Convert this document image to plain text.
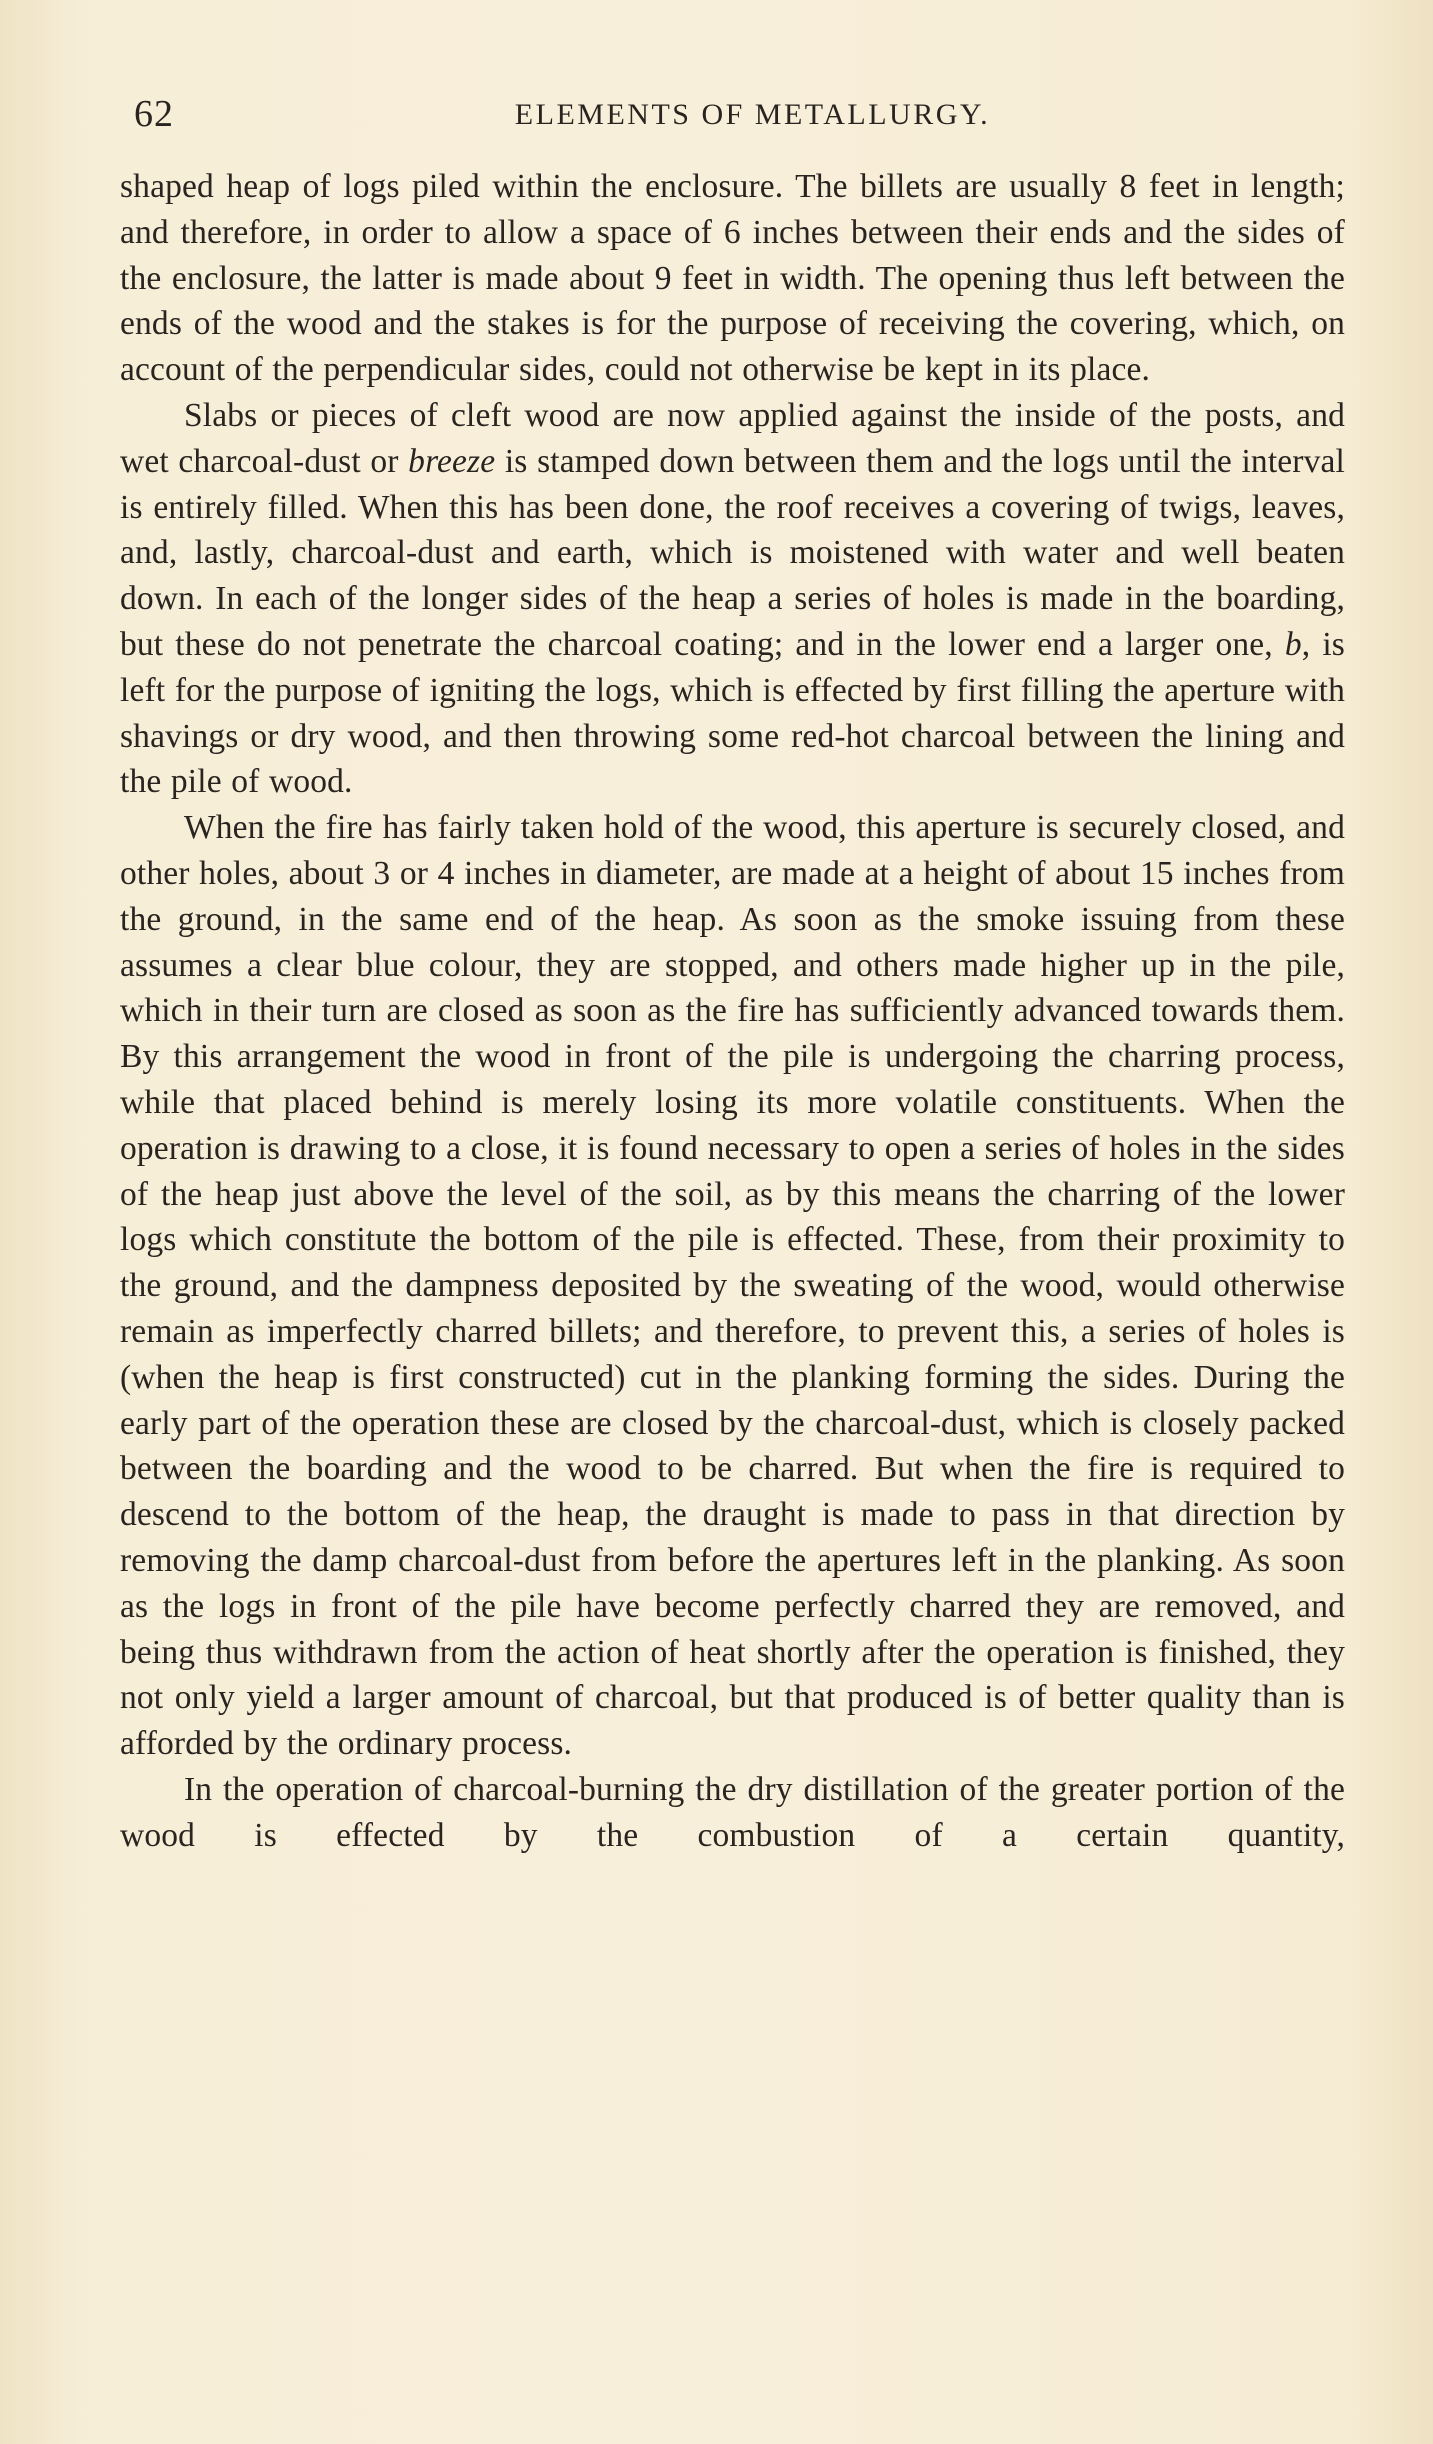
62	ELEMENTS OF METALLURGY.

shaped heap of logs piled within the enclosure. The billets are usually 8 feet in length; and therefore, in order to allow a space of 6 inches between their ends and the sides of the enclosure, the latter is made about 9 feet in width. The opening thus left between the ends of the wood and the stakes is for the purpose of receiving the covering, which, on account of the perpendicular sides, could not otherwise be kept in its place.

Slabs or pieces of cleft wood are now applied against the inside of the posts, and wet charcoal-dust or breeze is stamped down between them and the logs until the interval is entirely filled. When this has been done, the roof receives a covering of twigs, leaves, and, lastly, charcoal-dust and earth, which is moistened with water and well beaten down. In each of the longer sides of the heap a series of holes is made in the boarding, but these do not penetrate the charcoal coating; and in the lower end a larger one, b, is left for the purpose of igniting the logs, which is effected by first filling the aperture with shavings or dry wood, and then throwing some red-hot charcoal between the lining and the pile of wood.

When the fire has fairly taken hold of the wood, this aperture is securely closed, and other holes, about 3 or 4 inches in diameter, are made at a height of about 15 inches from the ground, in the same end of the heap. As soon as the smoke issuing from these assumes a clear blue colour, they are stopped, and others made higher up in the pile, which in their turn are closed as soon as the fire has sufficiently advanced towards them. By this arrangement the wood in front of the pile is undergoing the charring process, while that placed behind is merely losing its more volatile constituents. When the operation is drawing to a close, it is found necessary to open a series of holes in the sides of the heap just above the level of the soil, as by this means the charring of the lower logs which constitute the bottom of the pile is effected. These, from their proximity to the ground, and the dampness deposited by the sweating of the wood, would otherwise remain as imperfectly charred billets; and therefore, to prevent this, a series of holes is (when the heap is first constructed) cut in the planking forming the sides. During the early part of the operation these are closed by the charcoal-dust, which is closely packed between the boarding and the wood to be charred. But when the fire is required to descend to the bottom of the heap, the draught is made to pass in that direction by removing the damp charcoal-dust from before the apertures left in the planking. As soon as the logs in front of the pile have become perfectly charred they are removed, and being thus withdrawn from the action of heat shortly after the operation is finished, they not only yield a larger amount of charcoal, but that produced is of better quality than is afforded by the ordinary process.

In the operation of charcoal-burning the dry distillation of the greater portion of the wood is effected by the combustion of a certain quantity,
